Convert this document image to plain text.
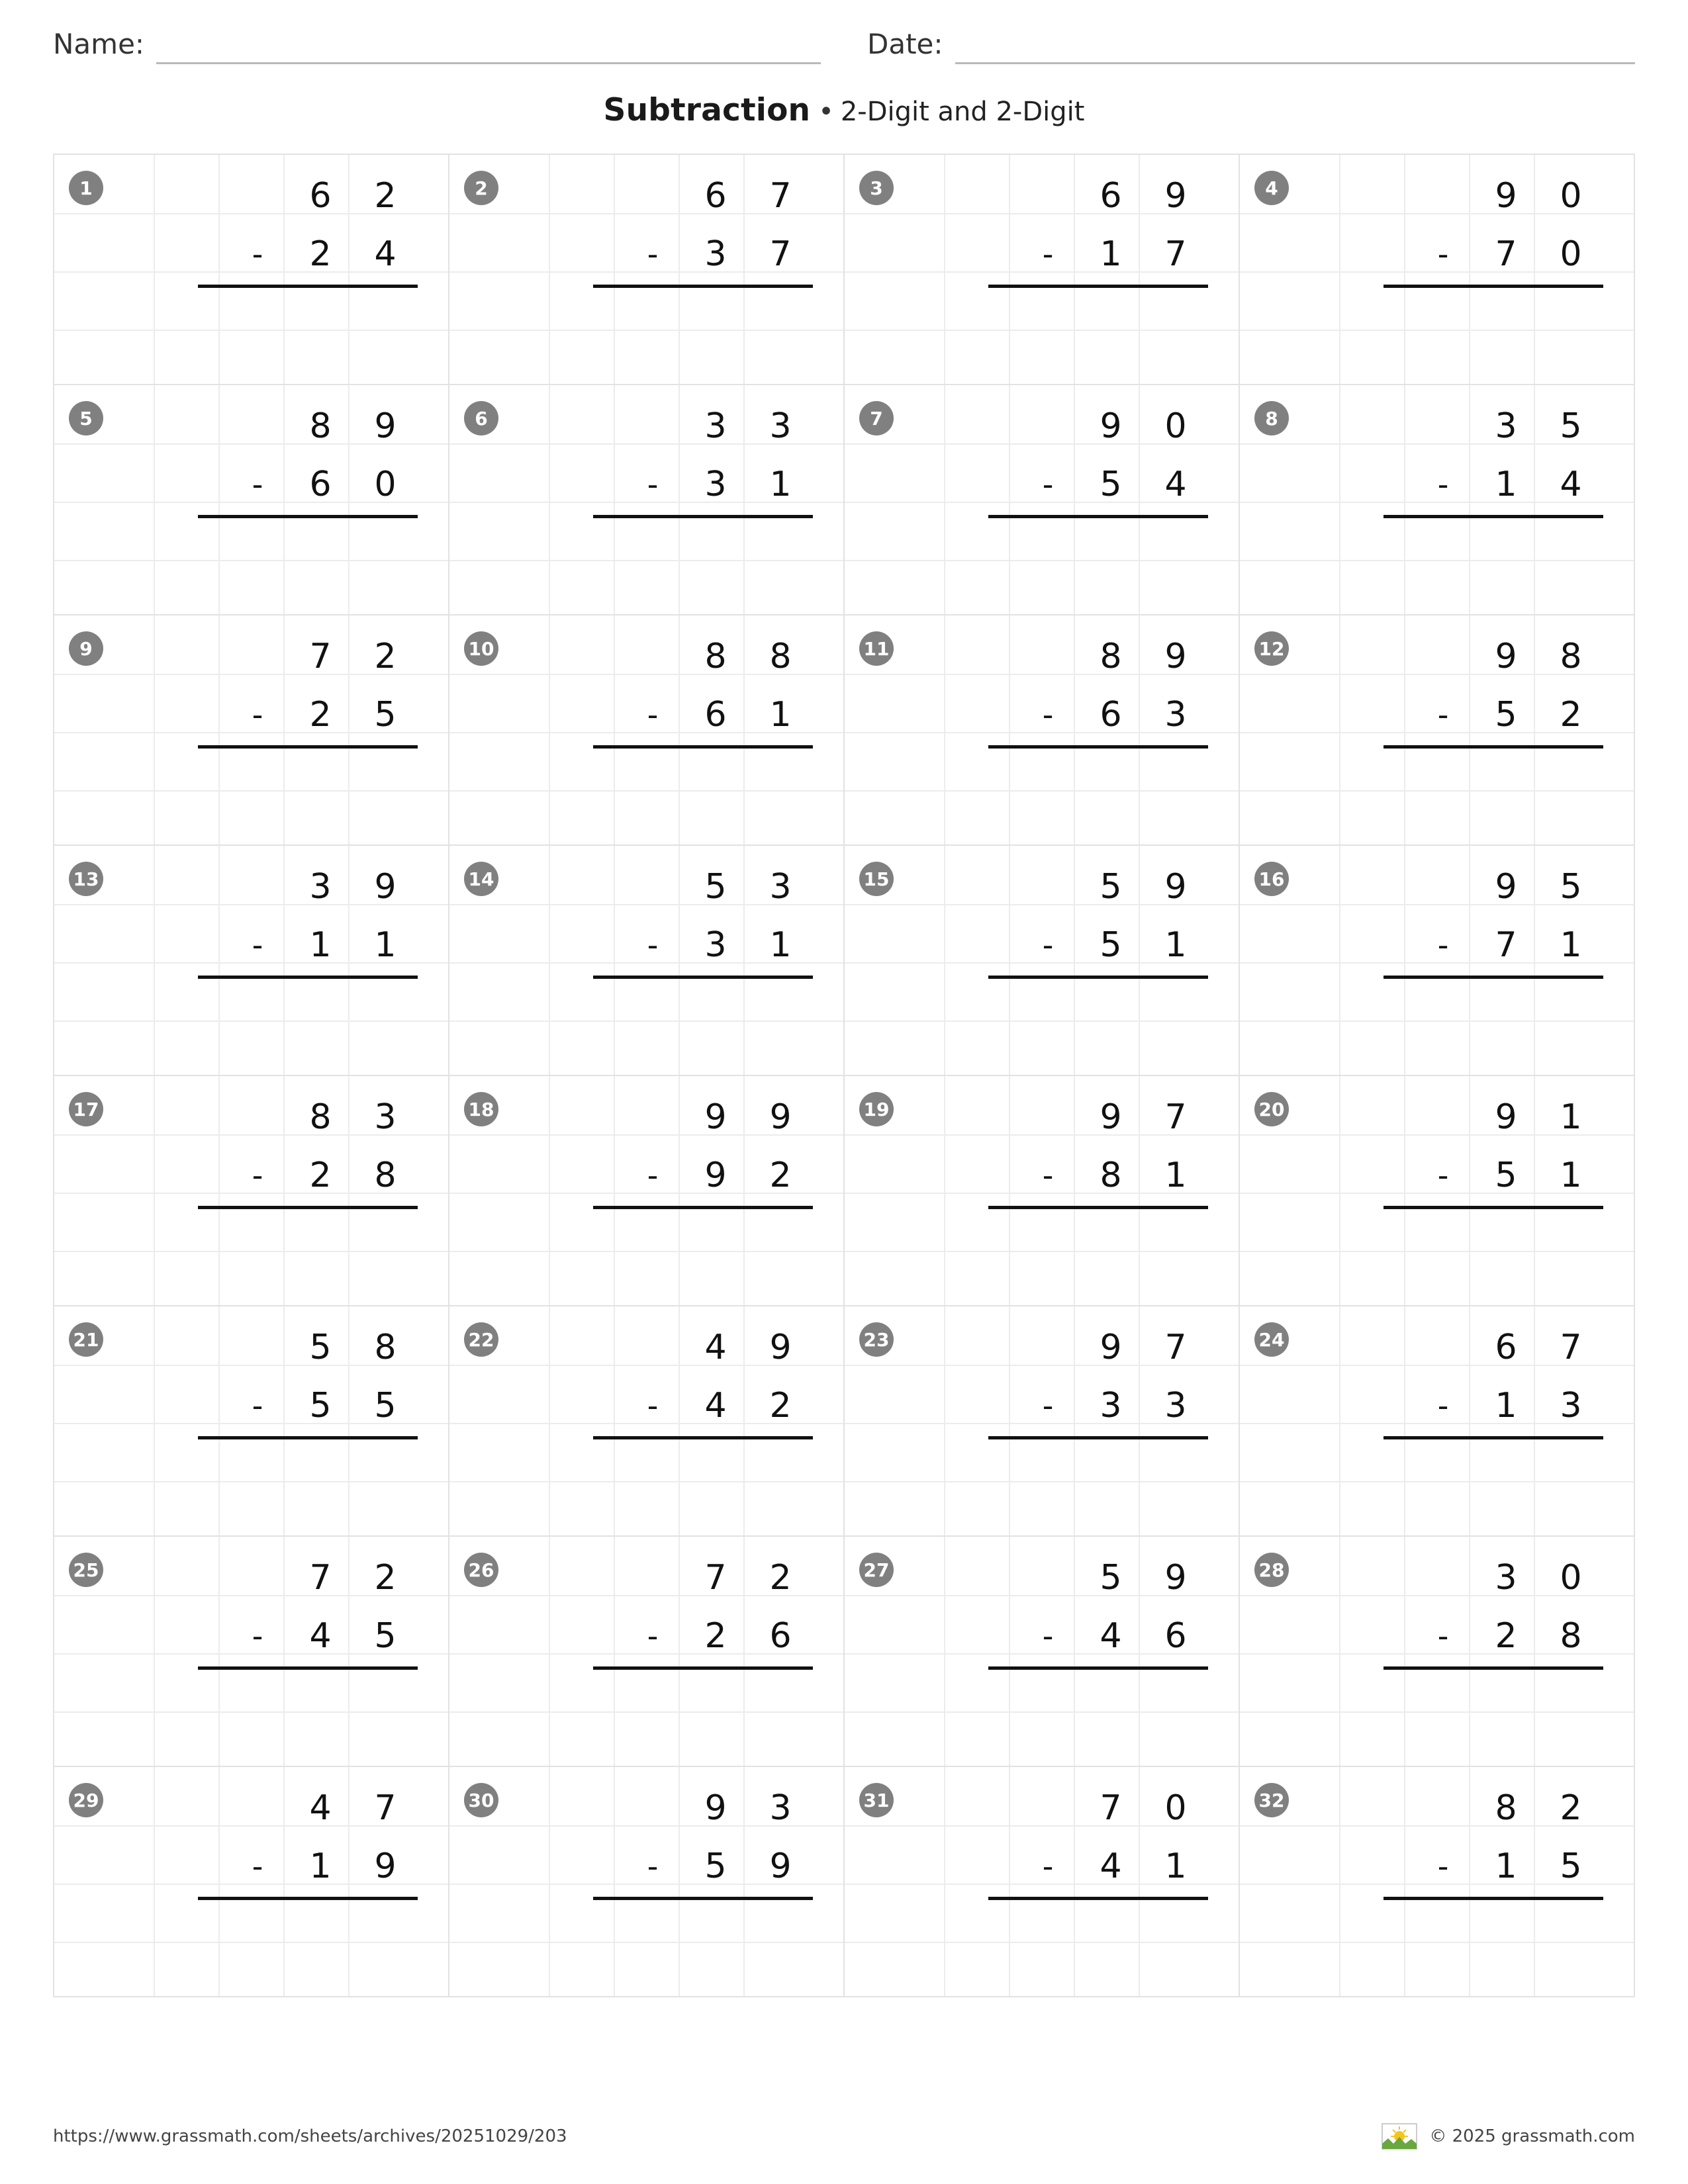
Name:	Date:
Subtraction • 2-Digit and 2-Digit
1	6	2
-	2	4
2	6	7
-	3	7
3	6	9
-	1	7
4	9	0
-	7	0
5	8	9
-	6	0
6	3	3
-	3	1
7	9	0
-	5	4
8	3	5
-	1	4
9	7	2
-	2	5
10	8	8
-	6	1
11	8	9
-	6	3
12	9	8
-	5	2
13	3	9
-	1	1
14	5	3
-	3	1
15	5	9
-	5	1
16	9	5
-	7	1
17	8	3
-	2	8
18	9	9
-	9	2
19	9	7
-	8	1
20	9	1
-	5	1
21	5	8
-	5	5
22	4	9
-	4	2
23	9	7
-	3	3
24	6	7
-	1	3
25	7	2
-	4	5
26	7	2
-	2	6
27	5	9
-	4	6
28	3	0
-	2	8
29	4	7
-	1	9
30	9	3
-	5	9
31	7	0
-	4	1
32	8	2
-	1	5
https://www.grassmath.com/sheets/archives/20251029/203	© 2025 grassmath.com
